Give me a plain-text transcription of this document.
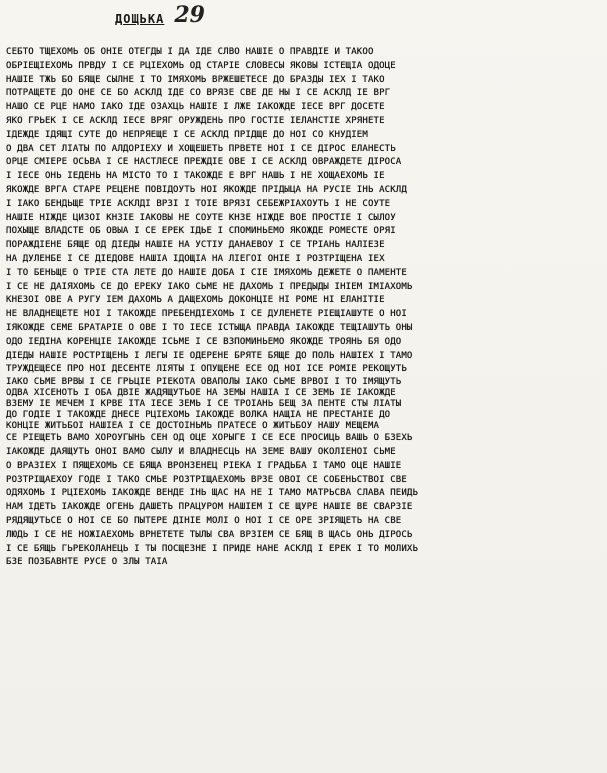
ДОЩЬКА 29
СЕБТО ТЩЕХОМЬ ОБ ОНІЕ ОТЕГДЫ І ДА ІДЕ СЛВО НАШІЕ О ПРАВДІЕ И ТАКОО
ОБРІЕЩІЕХОМЬ ПРВДУ І СЕ РЦІЕХОМЬ ОД СТАРІЕ СЛОВЕСЫ ЯКОВЫ ІСТЕЩІА ОДОЦЕ
НАШІЕ ТЖЬ БО БЯЩЕ СЫЛНЕ І ТО ІМЯХОМЬ ВРЖЕШЕТЕСЕ ДО БРАЗДЫ ІЕХ І ТАКО
ПОТРАЩЕТЕ ДО ОНЕ СЕ БО АСКЛД ІДЕ СО ВРЯЗЕ СВЕ ДЕ НЫ І СЕ АСКЛД ІЕ ВРГ
НАШО СЕ РЦЕ НАМО ІАКО ІДЕ ОЗАХЦЬ НАШІЕ І ЛЖЕ ІАКОЖДЕ ІЕСЕ ВРГ ДОСЕТЕ
ЯКО ГРЬЕК І СЕ АСКЛД ІЕСЕ ВРЯГ ОРУЖДЕНЬ ПРО ГОСТІЕ ІЕЛАНСТІЕ ХРЯНЕТЕ
ІДЕЖДЕ ІДЯЩІ СУТЕ ДО НЕПРЯЕЩЕ І СЕ АСКЛД ПРІДЩЕ ДО НОІ СО КНУДІЕМ
О ДВА СЕТ ЛІАТЫ ПО АЛДОРІЕХУ И ХОЩЕШЕТЬ ПРВЕТЕ НОІ І СЕ ДІРОС ЕЛАНЕСТЬ
ОРЦЕ СМІЕРЕ ОСЬВА І СЕ НАСТЛЕСЕ ПРЕЖДІЕ ОВЕ І СЕ АСКЛД ОВРАЖДЕТЕ ДІРОСА
І ІЕСЕ ОНЬ ІЕДЕНЬ НА МІСТО ТО І ТАКОЖДЕ Е ВРГ НАШЬ І НЕ ХОЩАЕХОМЬ ІЕ
ЯКОЖДЕ ВРГА СТАРЕ РЕЦЕНЕ ПОВІДОУТЬ НОІ ЯКОЖДЕ ПРІДЫЦА НА РУСІЕ ІНЬ АСКЛД
І ІАКО БЕНДЬЩЕ ТРІЕ АСКЛДІ ВРЗІ І ТОІЕ ВРЯЗІ СЕБЕЖРІАХОУТЬ І НЕ СОУТЕ
НАШІЕ НІЖДЕ ЦИЗОІ КНЗІЕ ІАКОВЫ НЕ СОУТЕ КНЗЕ НІЖДЕ ВОЕ ПРОСТІЕ І СЫЛОУ
ПОХЫЩЕ ВЛАДСТЕ ОБ ОВЫА І СЕ ЕРЕК ІДЬЕ І СПОМИНЬЕМО ЯКОЖДЕ РОМЕСТЕ ОРЯІ
ПОРАЖДІЕНЕ БЯЩЕ ОД ДІЕДЫ НАШІЕ НА УСТІУ ДАНАЕВОУ І СЕ ТРІАНЬ НАЛІЕЗЕ
НА ДУЛЕНБЕ І СЕ ДІЕДОВЕ НАШІА ІДОЩІА НА ЛІЕГОІ ОНІЕ І РОЗТРІЩЕНА ІЕХ
І ТО БЕНЬЩЕ О ТРІЕ СТА ЛЕТЕ ДО НАШІЕ ДОБА І СІЕ ІМЯХОМЬ ДЕЖЕТЕ О ПАМЕНТЕ
І СЕ НЕ ДАІЯХОМЬ СЕ ДО ЕРЕКУ ІАКО СЬМЕ НЕ ДАХОМЬ І ПРЕДЫДЫ ІНІЕМ ІМІАХОМЬ
КНЕЗОІ ОВЕ А РУГУ ІЕМ ДАХОМЬ А ДАЩЕХОМЬ ДОКОНЦІЕ НІ РОМЕ НІ ЕЛАНІТІЕ
НЕ ВЛАДНЕЩЕТЕ НОІ І ТАКОЖДЕ ПРЕБЕНДІЕХОМЬ І СЕ ДУЛЕНЕТЕ РІЕЩІАШУТЕ О НОІ
ІЯКОЖДЕ СЕМЕ БРАТАРІЕ О ОВЕ І ТО ІЕСЕ ІСТЫЩА ПРАВДА ІАКОЖДЕ ТЕЩІАШУТЬ ОНЫ
ОДО ІЕДІНА КОРЕНЦІЕ ІАКОЖДЕ ІСЬМЕ І СЕ ВЗПОМИНЬЕМО ЯКОЖДЕ ТРОЯНЬ БЯ ОДО
ДІЕДЫ НАШІЕ РОСТРІЩЕНЬ І ЛЕГЫ ІЕ ОДЕРЕНЕ БРЯТЕ БЯЩЕ ДО ПОЛЬ НАШІЕХ І ТАМО
ТРУЖДЕЩЕСЕ ПРО НОІ ДЕСЕНТЕ ЛІЯТЫ І ОПУЩЕНЕ ЕСЕ ОД НОІ ІСЕ РОМІЕ РЕКОЩУТЬ
ІАКО СЬМЕ ВРВЫ І СЕ ГРЬЦІЕ РІЕКОТА ОВАПОЛЫ ІАКО СЬМЕ ВРВОІ І ТО ІМЯЩУТЬ
ОДВА ХІСЕНОТЬ І ОБА ДВІЕ ЖАДЯЩУТЬОЕ НА ЗЕМЫ НАШІА І СЕ ЗЕМЬ ІЕ ІАКОЖДЕ
ВЗЕМУ ІЕ МЕЧЕМ І КРВЕ ІТА ІЕСЕ ЗЕМЬ І СЕ ТРОІАНЬ БЕЩ ЗА ПЕНТЕ СТЫ ЛІАТЫ
ДО ГОДІЕ І ТАКОЖДЕ ДНЕСЕ РЦІЕХОМЬ ІАКОЖДЕ ВОЛКА НАЩІА НЕ ПРЕСТАНІЕ ДО
КОНЦІЕ ЖИТЬБОІ НАШІЕА І СЕ ДОСТОІНЬМЬ ПРАТЕСЕ О ЖИТЬБОУ НАШУ МЕЩЕМА
СЕ РІЕЩЕТЬ ВАМО ХОРОУГЫНЬ СЕН ОД ОЦЕ ХОРЫГЕ І СЕ ЕСЕ ПРОСИЦЬ ВАШЬ О БЗЕХЬ
ІАКОЖДЕ ДАЯЩУТЬ ОНОІ ВАМО СЫЛУ И ВЛАДНЕСЦЬ НА ЗЕМЕ ВАШУ ОКОЛІЕНОІ СЬМЕ
О ВРАЗІЕХ І ПЯЩЕХОМЬ СЕ БЯЩА ВРОНЗЕНЕЦ РІЕКА І ГРАДЬБА І ТАМО ОЦЕ НАШІЕ
РОЗТРІЩАЕХОУ ГОДЕ І ТАКО СМЬЕ РОЗТРІЩАЕХОМЬ ВРЗЕ ОВОІ СЕ СОБЕНЬСТВОІ СВЕ
ОДЯХОМЬ І РЦІЕХОМЬ ІАКОЖДЕ ВЕНДЕ ІНЬ ЩАС НА НЕ І ТАМО МАТРЬСВА СЛАВА ПЕИДЬ
НАМ ІДЕТЬ ІАКОЖДЕ ОГЕНЬ ДАШЕТЬ ПРАЦУРОМ НАШІЕМ І СЕ ЩУРЕ НАШІЕ ВЕ СВАРЗІЕ
РЯДЯЩУТЬСЕ О НОІ СЕ БО ПЫТЕРЕ ДІНІЕ МОЛІ О НОІ І СЕ ОРЕ ЗРІЯЩЕТЬ НА СВЕ
ЛЮДЬ І СЕ НЕ НОЖІАЕХОМЬ ВРНЕТЕТЕ ТЫЛЫ СВА ВРЗІЕМ СЕ БЯЩ В ЩАСЬ ОНЬ ДІРОСЬ
І СЕ БЯЩЬ ГЬРЕКОЛАНЕЦЬ І ТЫ ПОСЩЕЗНЕ І ПРИДЕ НАНЕ АСКЛД І ЕРЕК І ТО МОЛИХЬ
БЗЕ ПОЗБАВНТЕ РУСЕ О ЗЛЫ ТАІА
